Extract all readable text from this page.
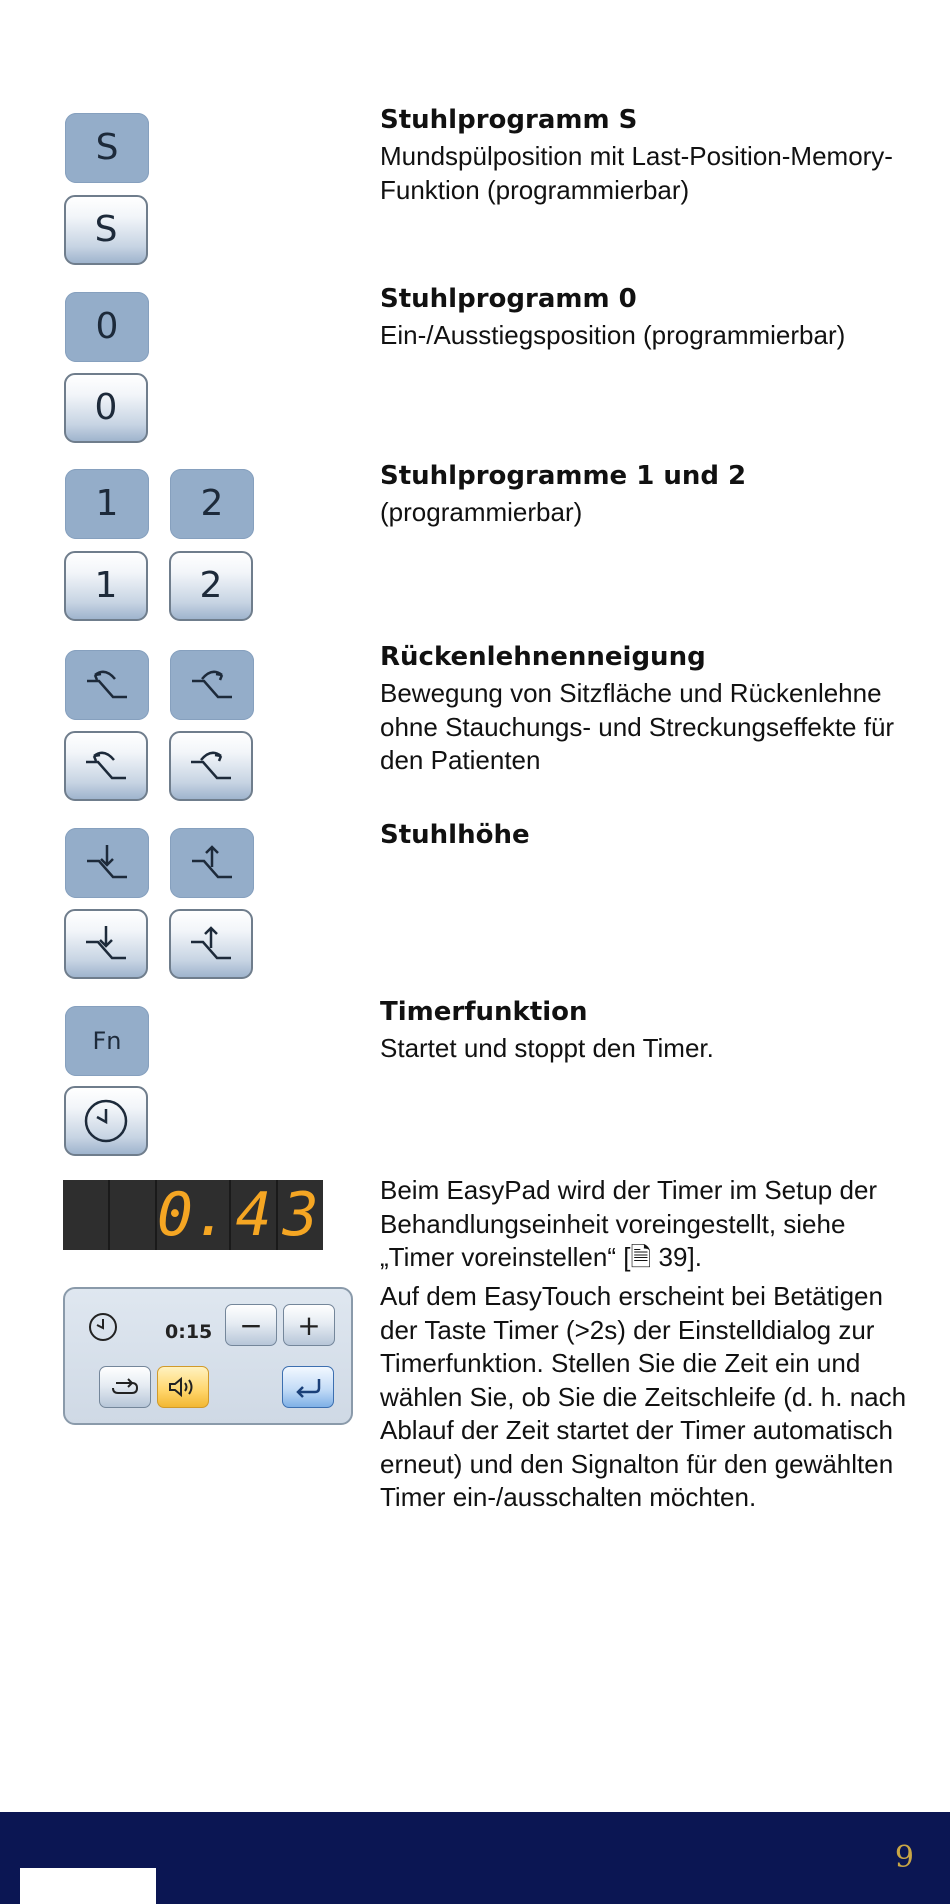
S
S
0
0
1 2
1 2
Fn
0. 4 3
0:15 − +
Stuhlprogramm S

Mundspülposition mit Last-Position-Memory-Funktion (programmierbar)

Stuhlprogramm 0

Ein-/Ausstiegsposition (programmierbar)

Stuhlprogramme 1 und 2

(programmierbar)

Rückenlehnenneigung

Bewegung von Sitzfläche und Rückenlehne ohne Stauchungs- und Streckungseffekte für den Patienten

Stuhlhöhe
Timerfunktion

Startet und stoppt den Timer.

Beim EasyPad wird der Timer im Setup der Behandlungseinheit voreingestellt, siehe „Timer voreinstellen“ [🗎 39].

Auf dem EasyTouch erscheint bei Betätigen der Taste Timer (>2s) der Einstelldialog zur Timerfunktion. Stellen Sie die Zeit ein und wählen Sie, ob Sie die Zeitschleife (d. h. nach Ablauf der Zeit startet der Timer automatisch erneut) und den Signalton für den gewählten Timer ein-/ausschalten möchten.

9
